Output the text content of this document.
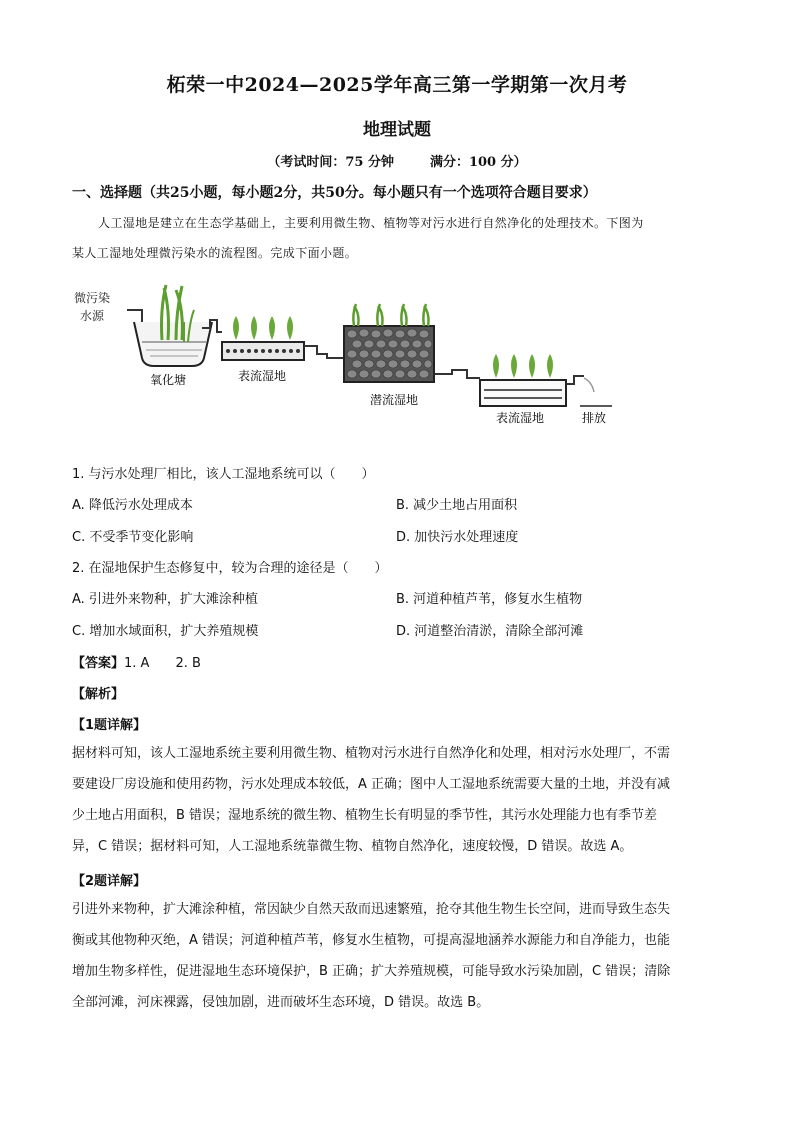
柘荣一中2024—2025学年高三第一学期第一次月考
地理试题
（考试时间：75 分钟	满分：100 分）
一、选择题（共25小题，每小题2分，共50分。每小题只有一个选项符合题目要求）
人工湿地是建立在生态学基础上，主要利用微生物、植物等对污水进行自然净化的处理技术。下图为
某人工湿地处理微污染水的流程图。完成下面小题。
微污染
水源
氧化塘	表流湿地
潜流湿地
表流湿地	排放
1. 与污水处理厂相比，该人工湿地系统可以（　　）
A. 降低污水处理成本	B. 减少土地占用面积
C. 不受季节变化影响	D. 加快污水处理速度
2. 在湿地保护生态修复中，较为合理的途径是（　　）
A. 引进外来物种，扩大滩涂种植	B. 河道种植芦苇，修复水生植物
C. 增加水域面积，扩大养殖规模	D. 河道整治清淤，清除全部河滩
【答案】1. A 2. B
【解析】
【1题详解】

据材料可知，该人工湿地系统主要利用微生物、植物对污水进行自然净化和处理，相对污水处理厂，不需

要建设厂房设施和使用药物，污水处理成本较低，A 正确；图中人工湿地系统需要大量的土地，并没有减

少土地占用面积，B 错误；湿地系统的微生物、植物生长有明显的季节性，其污水处理能力也有季节差

异，C 错误；据材料可知，人工湿地系统靠微生物、植物自然净化，速度较慢，D 错误。故选 A。

【2题详解】

引进外来物种，扩大滩涂种植，常因缺少自然天敌而迅速繁殖，抢夺其他生物生长空间，进而导致生态失

衡或其他物种灭绝，A 错误；河道种植芦苇，修复水生植物，可提高湿地涵养水源能力和自净能力，也能

增加生物多样性，促进湿地生态环境保护，B 正确；扩大养殖规模，可能导致水污染加剧，C 错误；清除

全部河滩，河床裸露，侵蚀加剧，进而破坏生态环境，D 错误。故选 B。
